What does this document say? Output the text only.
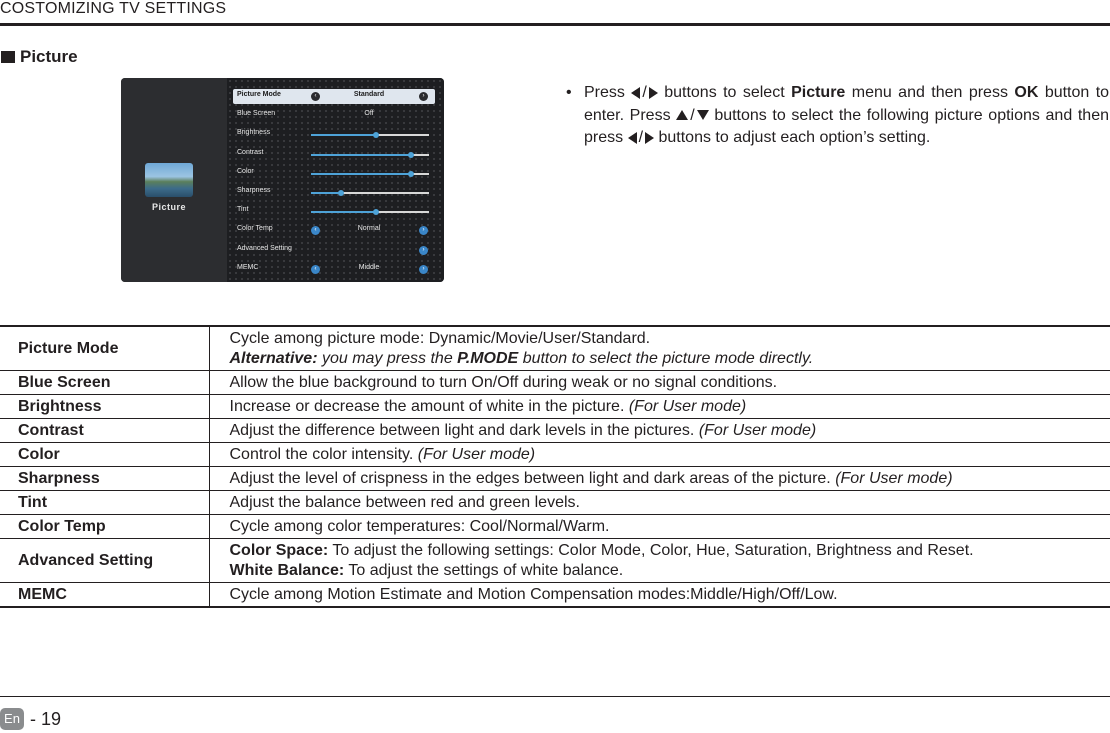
COSTOMIZING TV SETTINGS
Picture
Picture
Picture Mode	‹	Standard	›
Blue Screen	Off
Brightness
Contrast
Color
Sharpness
Tint
Color Temp	‹	Normal	›
Advanced Setting	›
MEMC	‹	Middle	›
• Press / buttons to select Picture menu and then press OK button to enter. Press / buttons to select the following picture options and then press / buttons to adjust each option’s setting.
Picture Mode	Cycle among picture mode: Dynamic/Movie/User/Standard.
Alternative: you may press the P.MODE button to select the picture mode directly.

Blue Screen	Allow the blue background to turn On/Off during weak or no signal conditions.
Brightness	Increase or decrease the amount of white in the picture. (For User mode)
Contrast	Adjust the difference between light and dark levels in the pictures. (For User mode)
Color	Control the color intensity. (For User mode)
Sharpness	Adjust the level of crispness in the edges between light and dark areas of the picture. (For User mode)
Tint	Adjust the balance between red and green levels.
Color Temp	Cycle among color temperatures: Cool/Normal/Warm.
Advanced Setting	Color Space: To adjust the following settings: Color Mode, Color, Hue, Saturation, Brightness and Reset.
White Balance: To adjust the settings of white balance.

MEMC	Cycle among Motion Estimate and Motion Compensation modes:Middle/High/Off/Low.
En - 19
